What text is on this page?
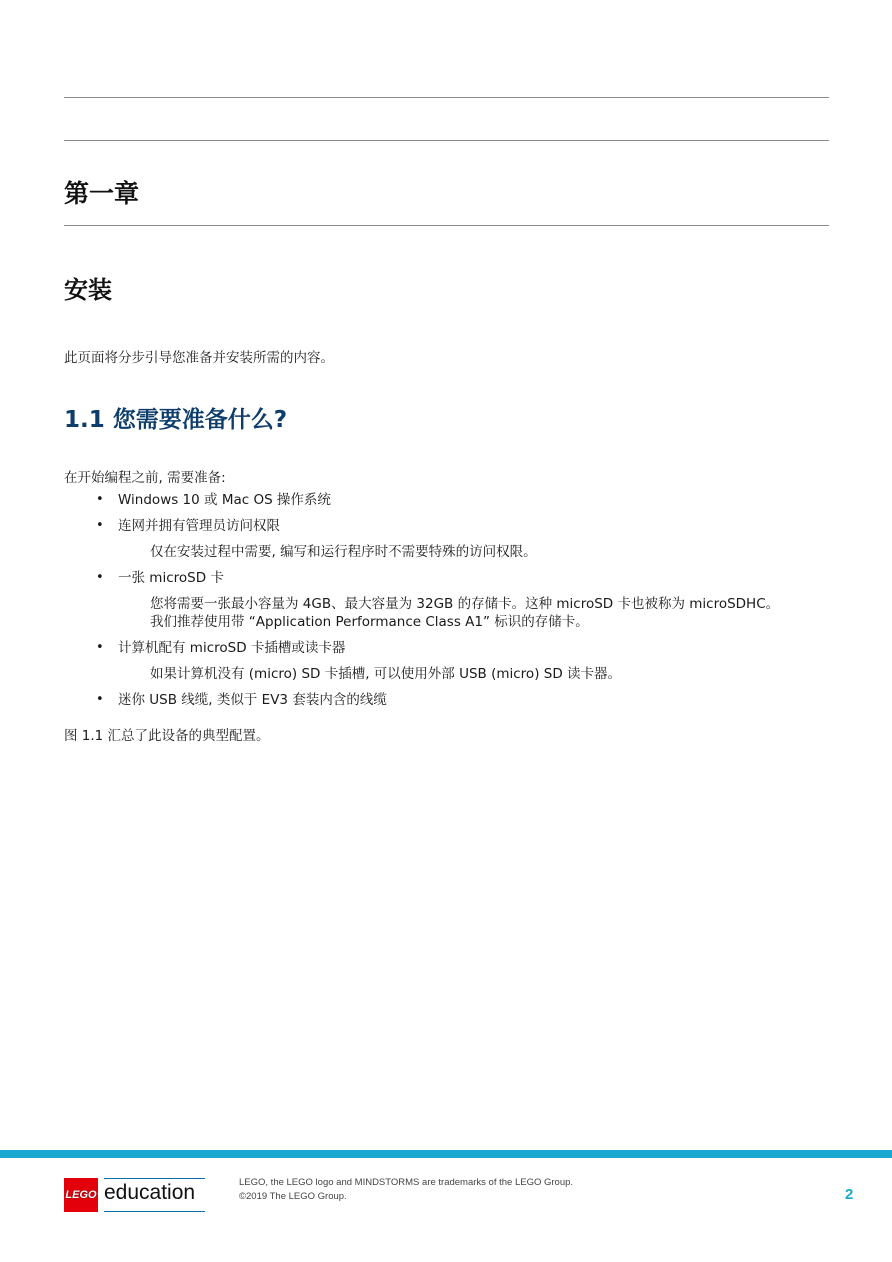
第一章
安装

此页面将分步引导您准备并安装所需的内容。

1.1 您需要准备什么?

在开始编程之前, 需要准备:

• Windows 10 或 Mac OS 操作系统
• 连网并拥有管理员访问权限
仅在安装过程中需要, 编写和运行程序时不需要特殊的访问权限。
• 一张 microSD 卡
您将需要一张最小容量为 4GB、最大容量为 32GB 的存储卡。这种 microSD 卡也被称为 microSDHC。
我们推荐使用带 “Application Performance Class A1” 标识的存储卡。
• 计算机配有 microSD 卡插槽或读卡器
如果计算机没有 (micro) SD 卡插槽, 可以使用外部 USB (micro) SD 读卡器。
• 迷你 USB 线缆, 类似于 EV3 套装内含的线缆

图 1.1 汇总了此设备的典型配置。

LEGO education	LEGO, the LEGO logo and MINDSTORMS are trademarks of the LEGO Group.
©2019 The LEGO Group.	2
